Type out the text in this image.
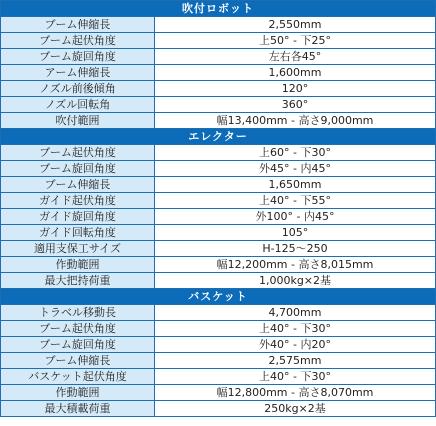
吹付ロボット	
ブーム伸縮長	2,550mm
ブーム起伏角度	上50° - 下25°
ブーム旋回角度	左右各45°
アーム伸縮長	1,600mm
ノズル前後傾角	120°
ノズル回転角	360°
吹付範囲	幅13,400mm - 高さ9,000mm
エレクター	
ブーム起伏角度	上60° - 下30°
ブーム旋回角度	外45° - 内45°
ブーム伸縮長	1,650mm
ガイド起伏角度	上40° - 下55°
ガイド旋回角度	外100° - 内45°
ガイド回転角度	105°
適用支保工サイズ	H-125～250
作動範囲	幅12,200mm - 高さ8,015mm
最大把持荷重	1,000kg×2基
バスケット	
トラベル移動長	4,700mm
ブーム起伏角度	上40° - 下30°
ブーム旋回角度	外40° - 内20°
ブーム伸縮長	2,575mm
バスケット起伏角度	上40° - 下30°
作動範囲	幅12,800mm - 高さ8,070mm
最大積載荷重	250kg×2基
